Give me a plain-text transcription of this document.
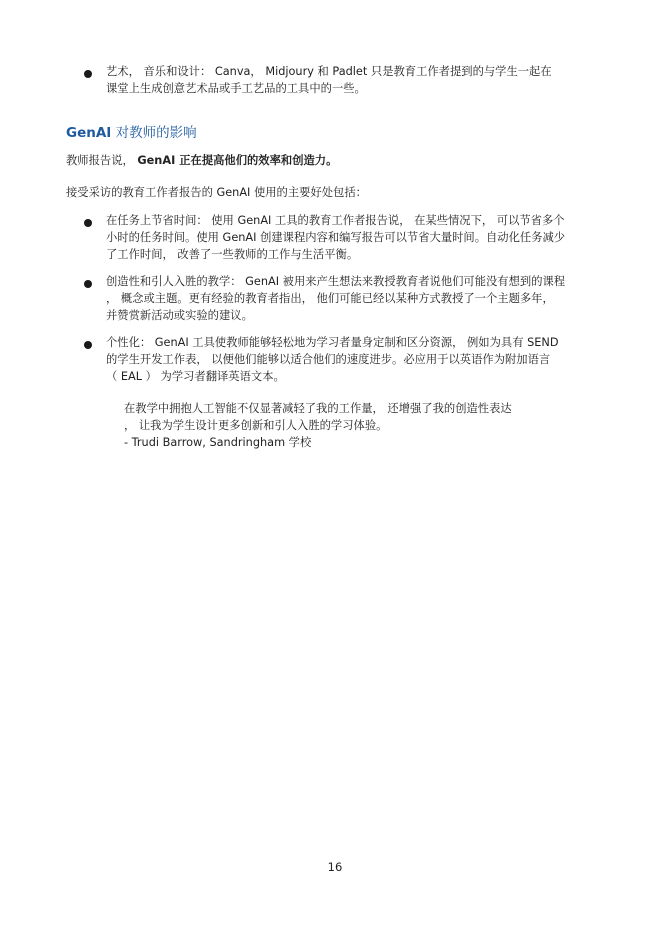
艺术， 音乐和设计： Canva， Midjoury 和 Padlet 只是教育工作者提到的与学生一起在
课堂上生成创意艺术品或手工艺品的工具中的一些。
GenAI 对教师的影响
教师报告说， GenAI 正在提高他们的效率和创造力。
接受采访的教育工作者报告的 GenAI 使用的主要好处包括：
在任务上节省时间： 使用 GenAI 工具的教育工作者报告说， 在某些情况下， 可以节省多个
小时的任务时间。使用 GenAI 创建课程内容和编写报告可以节省大量时间。自动化任务减少
了工作时间， 改善了一些教师的工作与生活平衡。
创造性和引人入胜的教学： GenAI 被用来产生想法来教授教育者说他们可能没有想到的课程
， 概念或主题。更有经验的教育者指出， 他们可能已经以某种方式教授了一个主题多年，
并赞赏新活动或实验的建议。
个性化： GenAI 工具使教师能够轻松地为学习者量身定制和区分资源， 例如为具有 SEND
的学生开发工作表， 以便他们能够以适合他们的速度进步。必应用于以英语作为附加语言
（ EAL ） 为学习者翻译英语文本。
在教学中拥抱人工智能不仅显著减轻了我的工作量， 还增强了我的创造性表达
， 让我为学生设计更多创新和引人入胜的学习体验。
- Trudi Barrow, Sandringham 学校
16
